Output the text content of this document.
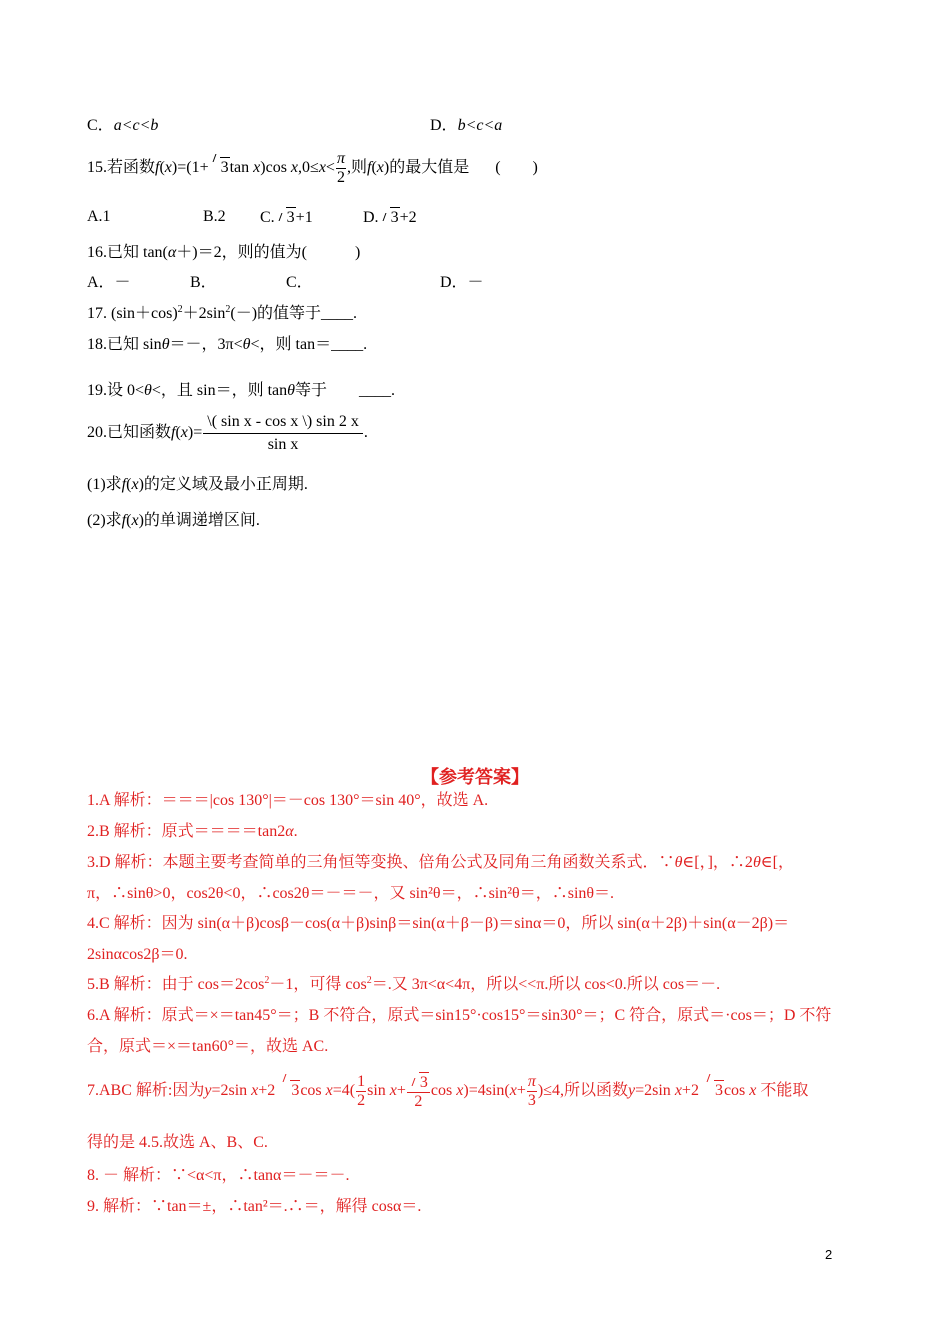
C．a<c<b	D．b<c<a
15.若函数f(x)=(1+ 3tan x)cos $x,0\le x< \frac{\pi}{2}$ ,则f(x)的最大值是 (　　)
A.1	B.2 C. 3+1	D. 3+2
16.已知 tan(α＋)＝2，则的值为(　　　)
A．－	B．	C．	D．－
17. $(\sin+\cos)^2+2\sin^2(-)$的值等于____.
18.已知 sinθ＝－，3π<θ<，则 tan＝____.
19.设 0<θ<，且 sin＝，则 tanθ等于　　____.
20.已知函数$f(x)= \frac{\text{\textbackslash{}( sin x - cos x \textbackslash{}) sin 2 x}}{\text{sin x}}$ .
(1)求f(x)的定义域及最小正周期.
(2)求f(x)的单调递增区间.
【参考答案】
1.A 解析：＝＝＝|cos 130°|＝－cos 130°＝sin 40°，故选 A.
2.B 解析：原式＝＝＝＝tan2α.
3.D 解析：本题主要考查简单的三角恒等变换、倍角公式及同角三角函数关系式．∵θ∈[，]，∴2θ∈[，
π，∴sinθ>0，cos2θ<0，∴cos2θ＝－＝－，又 sin²θ＝，∴sin²θ＝，∴sinθ＝.
4.C 解析：因为 sin(α＋β)cosβ－cos(α＋β)sinβ＝sin(α＋β－β)＝sinα＝0，所以 sin(α＋2β)＋sin(α－2β)＝
2sinαcos2β＝0.
5.B 解析：由于 $\cos=2\cos^2-1$，可得 $\cos^2=$.又 3π<α<4π，所以<<π.所以 cos<0.所以 cos＝－.
6.A 解析：原式＝×＝tan45°＝；B 不符合，原式＝sin15°·cos15°＝sin30°＝；C 符合，原式＝·cos＝；D 不符
合，原式＝×＝tan60°＝，故选 AC.
7.ABC 解析:因为y=2sin x+2 3cos $x=4( \frac{1}{2}$ $\sin x+ \frac{3}{2}$ $\cos x)=4\sin(x+ \frac{\pi}{3} )\le 4$,所以函数y=2sin x+2 3cos x 不能取
得的是 4.5.故选 A、B、C.
8. － 解析：∵<α<π，∴tanα＝－＝－.
9. 解析：∵tan＝±，∴tan²＝.∴＝，解得 cosα＝.
2
